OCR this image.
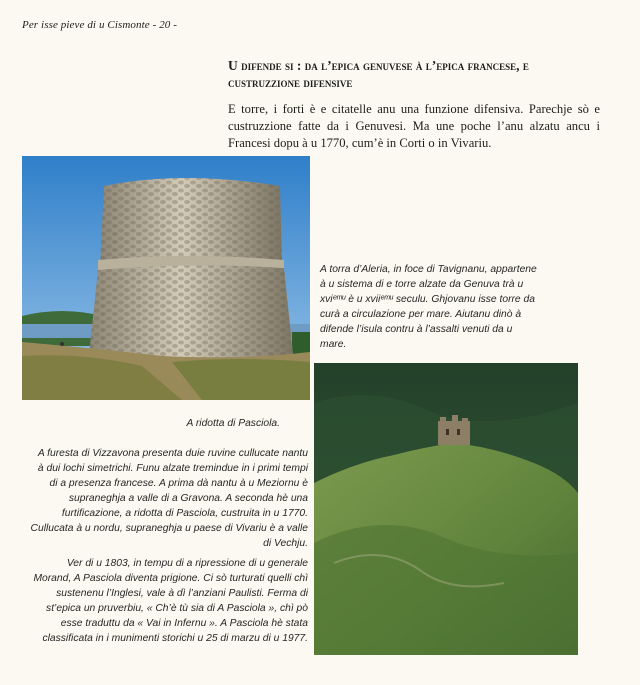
Per isse pieve di u Cismonte - 20 -
U difende si : da l’epica genuvese à l’epica francese, e custruzzione difensive
E torre, i forti è e citatelle anu una funzione difensiva. Parechje sò e custruzzione fatte da i Genuvesi. Ma une poche l’anu alzatu ancu i Francesi dopu à u 1770, cum’è in Corti o in Vivariu.
A torra d’Aleria, in foce di Tavignanu, appartene à u sistema di e torre alzate da Genuva trà u xviᵉᵐᵘ è u xviiᵉᵐᵘ seculu. Ghjovanu isse torre da curà a circulazione per mare. Aiutanu dinò à difende l’isula contru à l’assalti venuti da u mare.
A ridotta di Pasciola.
A furesta di Vizzavona presenta duie ruvine cullucate nantu à dui lochi simetrichi. Funu alzate tremindue in i primi tempi di a presenza francese. A prima dà nantu à u Meziornu è supraneghja a valle di a Gravona. A seconda hè una furtificazione, a ridotta di Pasciola, custruita in u 1770. Cullucata à u nordu, supraneghja u paese di Vivariu è a valle di Vechju.
Ver di u 1803, in tempu di a ripressione di u generale Morand, A Pasciola diventa prigione. Ci sò turturati quelli chì sustenenu l’Inglesi, vale à dì l’anziani Paulisti. Ferma di st’epica un pruverbiu, « Ch’è tù sia di A Pasciola », chì pò esse traduttu da « Vai in Infernu ». A Pasciola hè stata classificata in i munimenti storichi u 25 di marzu di u 1977.
